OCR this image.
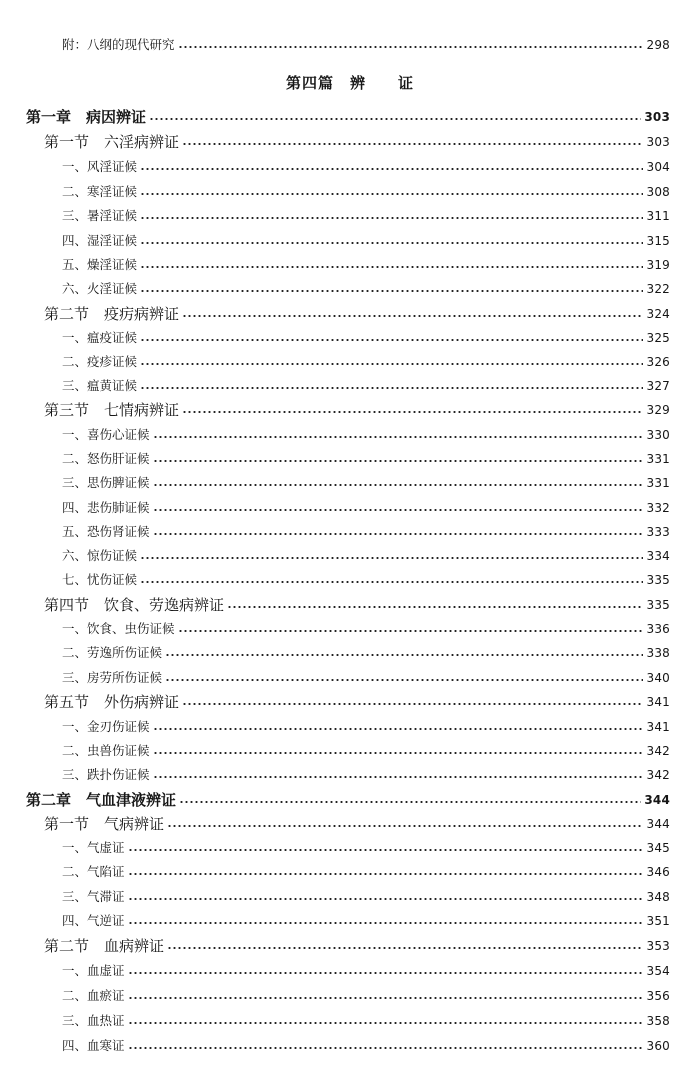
附：八纲的现代研究	298
第四篇　辨　　证
第一章　病因辨证	303
第一节　六淫病辨证	303
一、风淫证候	304
二、寒淫证候	308
三、暑淫证候	311
四、湿淫证候	315
五、燥淫证候	319
六、火淫证候	322
第二节　疫疠病辨证	324
一、瘟疫证候	325
二、疫疹证候	326
三、瘟黄证候	327
第三节　七情病辨证	329
一、喜伤心证候	330
二、怒伤肝证候	331
三、思伤脾证候	331
四、悲伤肺证候	332
五、恐伤肾证候	333
六、惊伤证候	334
七、忧伤证候	335
第四节　饮食、劳逸病辨证	335
一、饮食、虫伤证候	336
二、劳逸所伤证候	338
三、房劳所伤证候	340
第五节　外伤病辨证	341
一、金刃伤证候	341
二、虫兽伤证候	342
三、跌扑伤证候	342
第二章　气血津液辨证	344
第一节　气病辨证	344
一、气虚证	345
二、气陷证	346
三、气滞证	348
四、气逆证	351
第二节　血病辨证	353
一、血虚证	354
二、血瘀证	356
三、血热证	358
四、血寒证	360
